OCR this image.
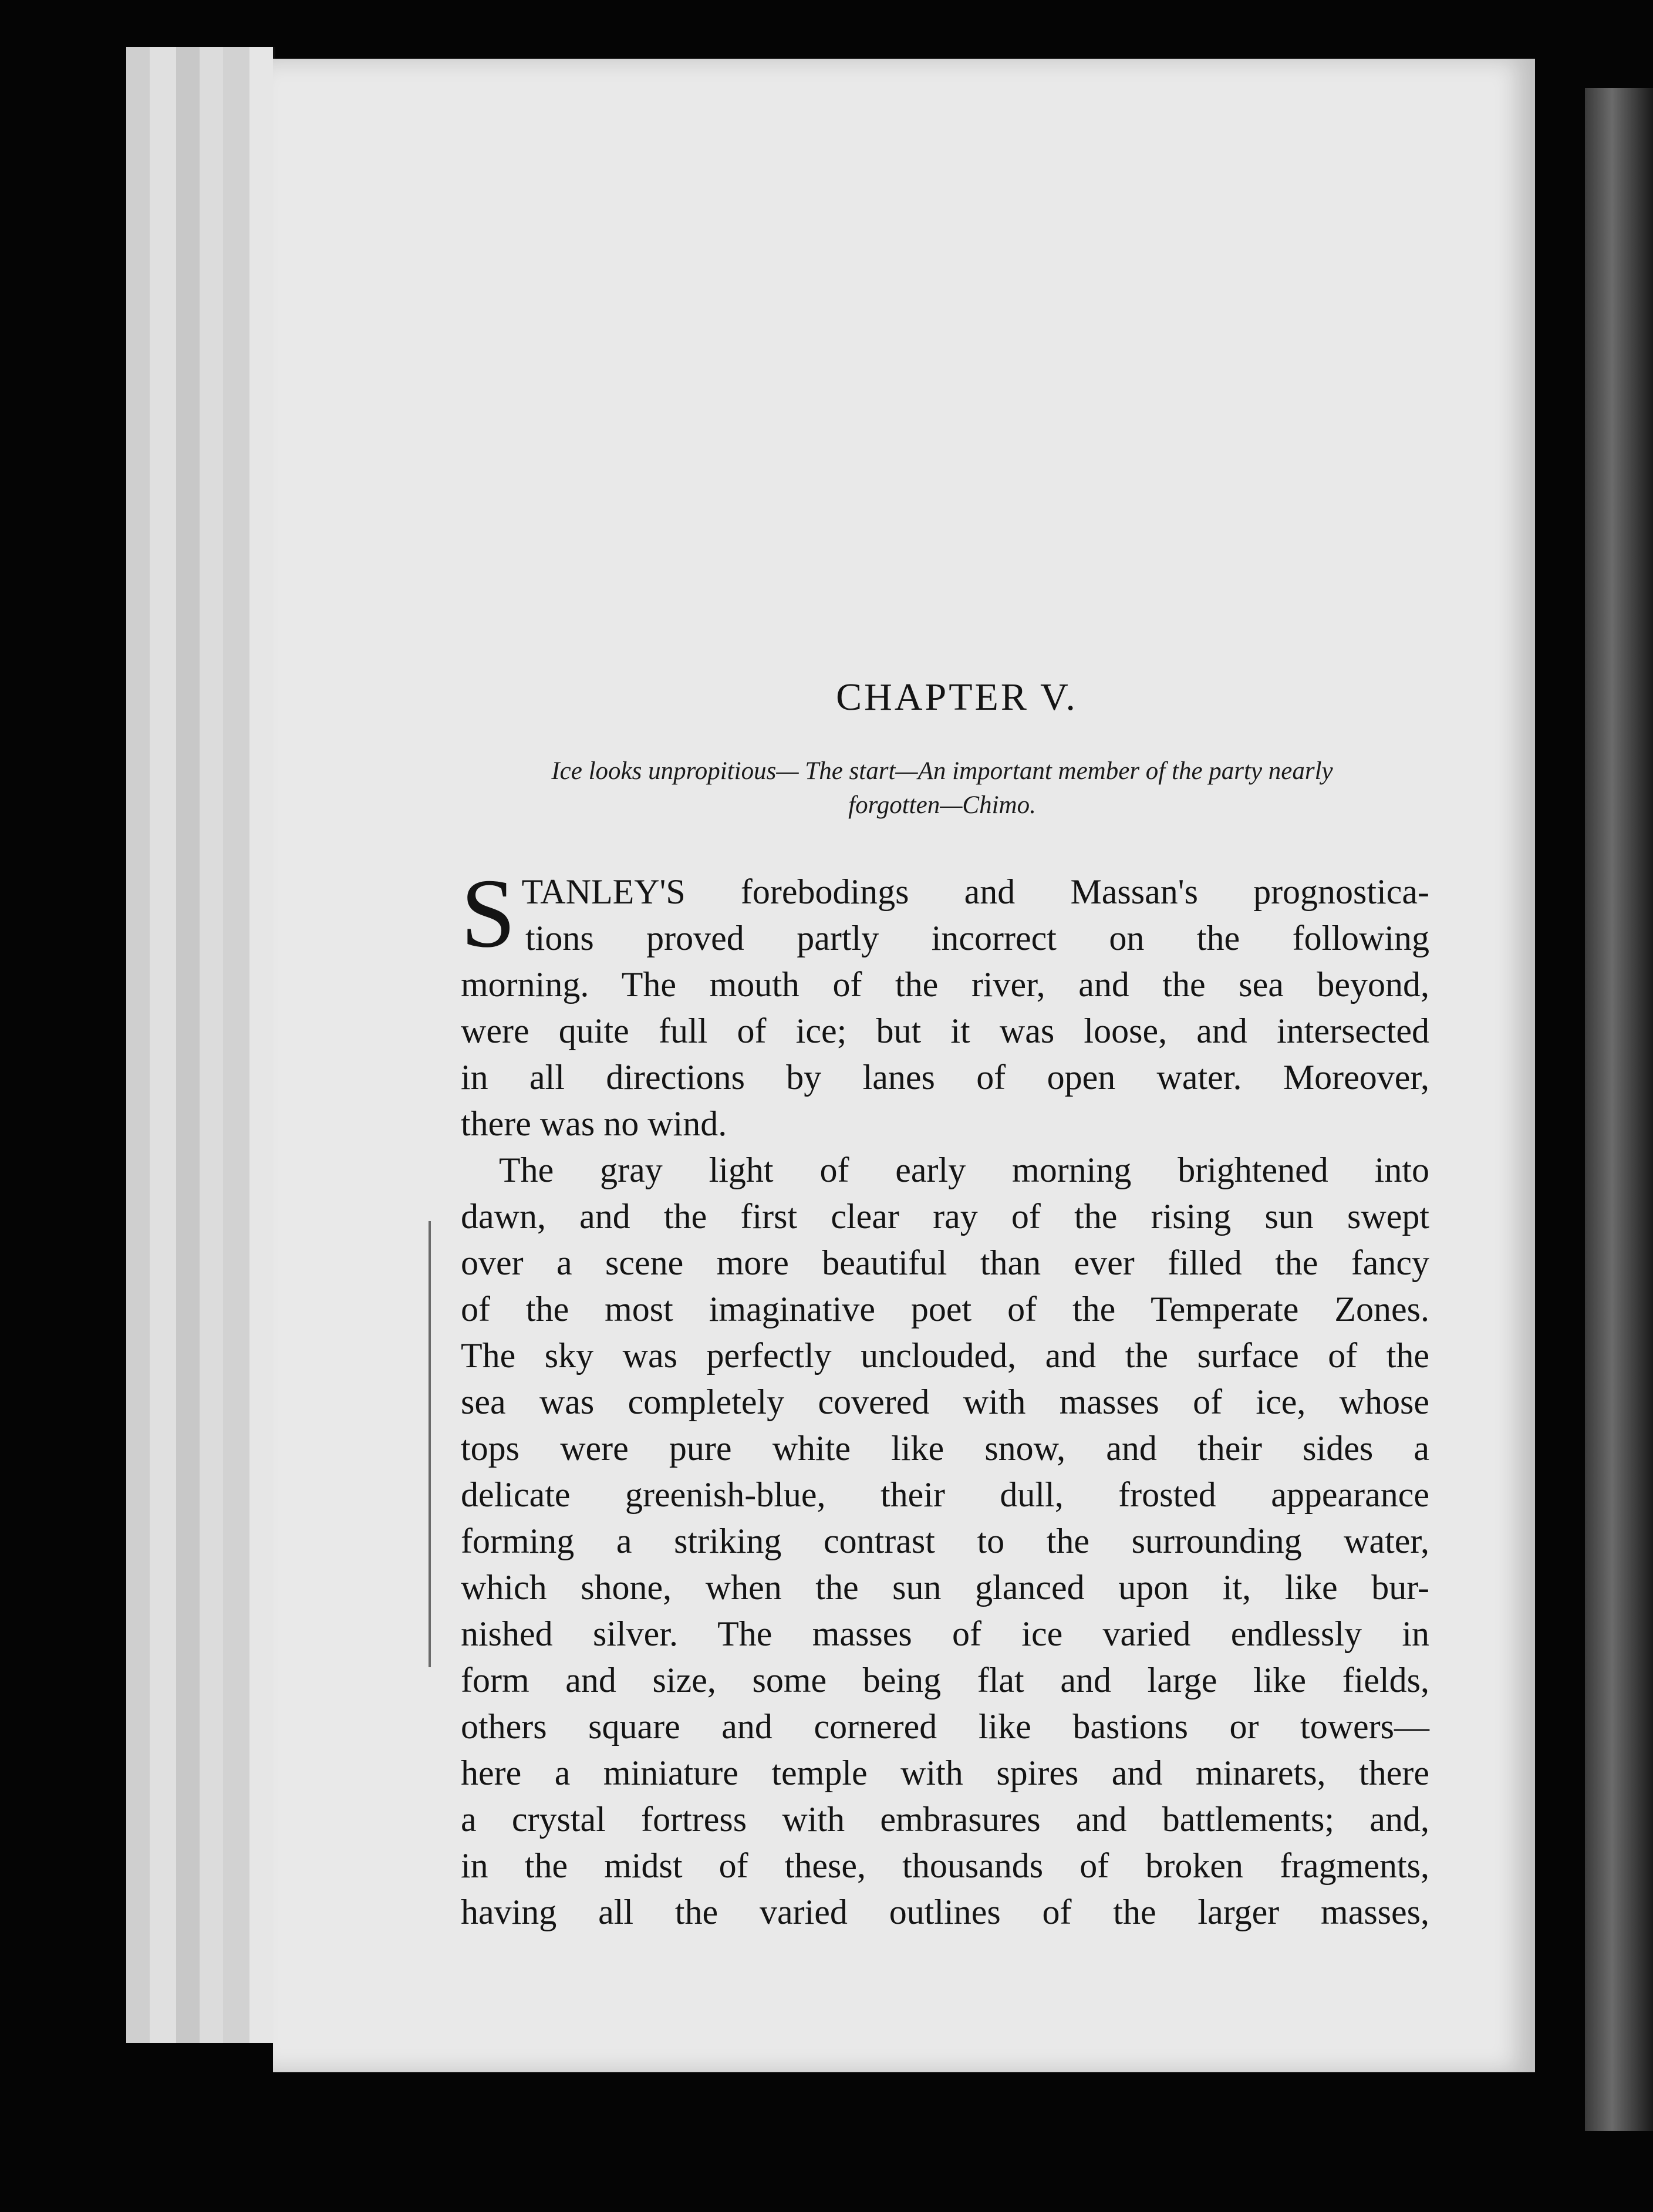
CHAPTER V.
Ice looks unpropitious— The start—An important member of the party nearly
forgotten—Chimo.
S TANLEY'S forebodings and Massan's prognostica-
tions proved partly incorrect on the following
morning. The mouth of the river, and the sea beyond,
were quite full of ice; but it was loose, and intersected
in all directions by lanes of open water. Moreover,
there was no wind.
The gray light of early morning brightened into
dawn, and the first clear ray of the rising sun swept
over a scene more beautiful than ever filled the fancy
of the most imaginative poet of the Temperate Zones.
The sky was perfectly unclouded, and the surface of the
sea was completely covered with masses of ice, whose
tops were pure white like snow, and their sides a
delicate greenish-blue, their dull, frosted appearance
forming a striking contrast to the surrounding water,
which shone, when the sun glanced upon it, like bur-
nished silver. The masses of ice varied endlessly in
form and size, some being flat and large like fields,
others square and cornered like bastions or towers—
here a miniature temple with spires and minarets, there
a crystal fortress with embrasures and battlements; and,
in the midst of these, thousands of broken fragments,
having all the varied outlines of the larger masses,
